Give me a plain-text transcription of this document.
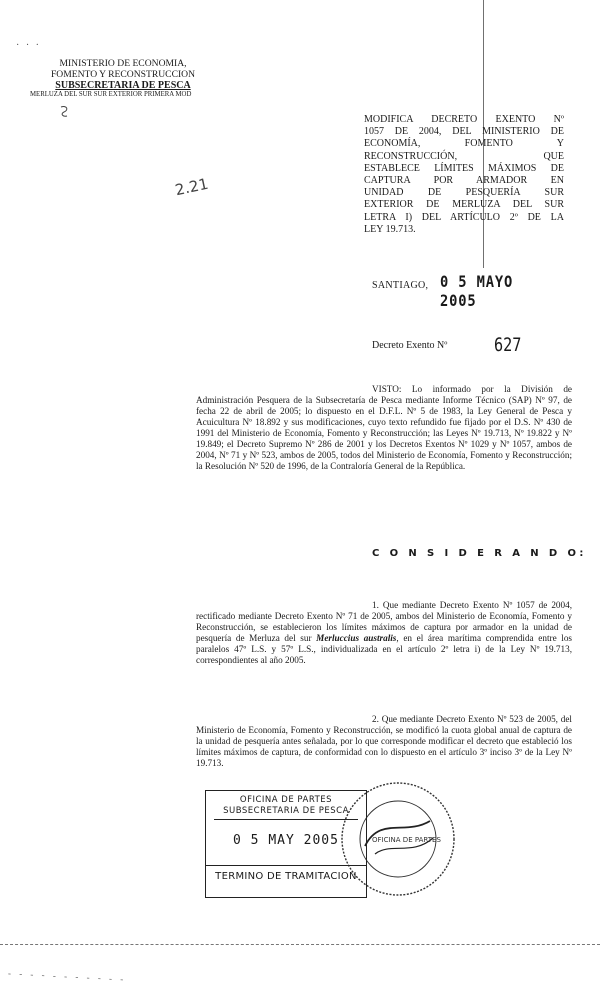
· · ·
MINISTERIO DE ECONOMIA,
FOMENTO Y RECONSTRUCCION
SUBSECRETARIA DE PESCA
MERLUZA DEL SUR SUR EXTERIOR PRIMERA MOD
MODIFICA DECRETO EXENTO Nº
1057 DE 2004, DEL MINISTERIO DE
ECONOMÍA, FOMENTO Y
RECONSTRUCCIÓN, QUE
ESTABLECE LÍMITES MÁXIMOS DE
CAPTURA POR ARMADOR EN
UNIDAD DE PESQUERÍA SUR
EXTERIOR DE MERLUZA DEL SUR
LETRA I) DEL ARTÍCULO 2º DE LA
LEY 19.713.
2.21
SANTIAGO, 0 5 MAYO 2005
Decreto Exento Nº 627
VISTO: Lo informado por la División de Administración Pesquera de la Subsecretaría de Pesca mediante Informe Técnico (SAP) Nº 97, de fecha 22 de abril de 2005; lo dispuesto en el D.F.L. Nº 5 de 1983, la Ley General de Pesca y Acuicultura Nº 18.892 y sus modificaciones, cuyo texto refundido fue fijado por el D.S. Nº 430 de 1991 del Ministerio de Economía, Fomento y Reconstrucción; las Leyes Nº 19.713, Nº 19.822 y Nº 19.849; el Decreto Supremo Nº 286 de 2001 y los Decretos Exentos Nº 1029 y Nº 1057, ambos de 2004, Nº 71 y Nº 523, ambos de 2005, todos del Ministerio de Economía, Fomento y Reconstrucción; la Resolución Nº 520 de 1996, de la Contraloría General de la República.
C O N S I D E R A N D O:
1. Que mediante Decreto Exento Nº 1057 de 2004, rectificado mediante Decreto Exento Nº 71 de 2005, ambos del Ministerio de Economía, Fomento y Reconstrucción, se establecieron los límites máximos de captura por armador en la unidad de pesquería de Merluza del sur Merluccius australis, en el área marítima comprendida entre los paralelos 47º L.S. y 57º L.S., individualizada en el artículo 2º letra i) de la Ley Nº 19.713, correspondientes al año 2005.
2. Que mediante Decreto Exento Nº 523 de 2005, del Ministerio de Economía, Fomento y Reconstrucción, se modificó la cuota global anual de captura de la unidad de pesquería antes señalada, por lo que corresponde modificar el decreto que estableció los límites máximos de captura, de conformidad con lo dispuesto en el artículo 3º inciso 3º de la Ley Nº 19.713.
OFICINA DE PARTES
OFICINA DE PARTES
SUBSECRETARIA DE PESCA
0 5 MAY 2005
TERMINO DE TRAMITACION
- - - - - - - - - - -
